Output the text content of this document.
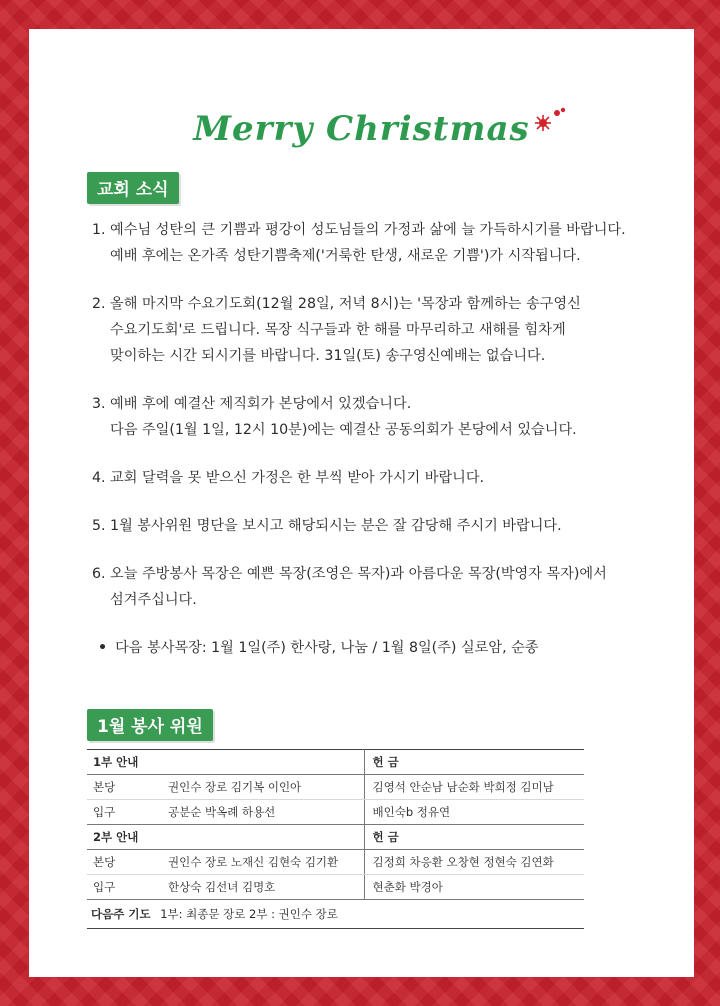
Merry Christmas
교회 소식
1. 예수님 성탄의 큰 기쁨과 평강이 성도님들의 가정과 삶에 늘 가득하시기를 바랍니다.
예배 후에는 온가족 성탄기쁨축제('거룩한 탄생, 새로운 기쁨')가 시작됩니다.
2. 올해 마지막 수요기도회(12월 28일, 저녁 8시)는 '목장과 함께하는 송구영신
수요기도회'로 드립니다. 목장 식구들과 한 해를 마무리하고 새해를 힘차게
맞이하는 시간 되시기를 바랍니다. 31일(토) 송구영신예배는 없습니다.
3. 예배 후에 예결산 제직회가 본당에서 있겠습니다.
다음 주일(1월 1일, 12시 10분)에는 예결산 공동의회가 본당에서 있습니다.
4. 교회 달력을 못 받으신 가정은 한 부씩 받아 가시기 바랍니다.
5. 1월 봉사위원 명단을 보시고 해당되시는 분은 잘 감당해 주시기 바랍니다.
6. 오늘 주방봉사 목장은 예쁜 목장(조영은 목자)과 아름다운 목장(박영자 목자)에서
섬겨주십니다.
• 다음 봉사목장: 1월 1일(주) 한사랑, 나눔 / 1월 8일(주) 실로암, 순종
1월 봉사 위원
1부 안내		헌 금
본당	권인수 장로 김기복 이인아	김영석 안순남 남순화 박희정 김미남
입구	공분순 박옥례 하용선	배인숙b 정유연
2부 안내		헌 금
본당	권인수 장로 노재신 김현숙 김기환	김정희 차응환 오창현 정현숙 김연화
입구	한상숙 김선녀 김명호	현춘화 박경아
다음주 기도 1부: 최종문 장로 2부 : 권인수 장로		
